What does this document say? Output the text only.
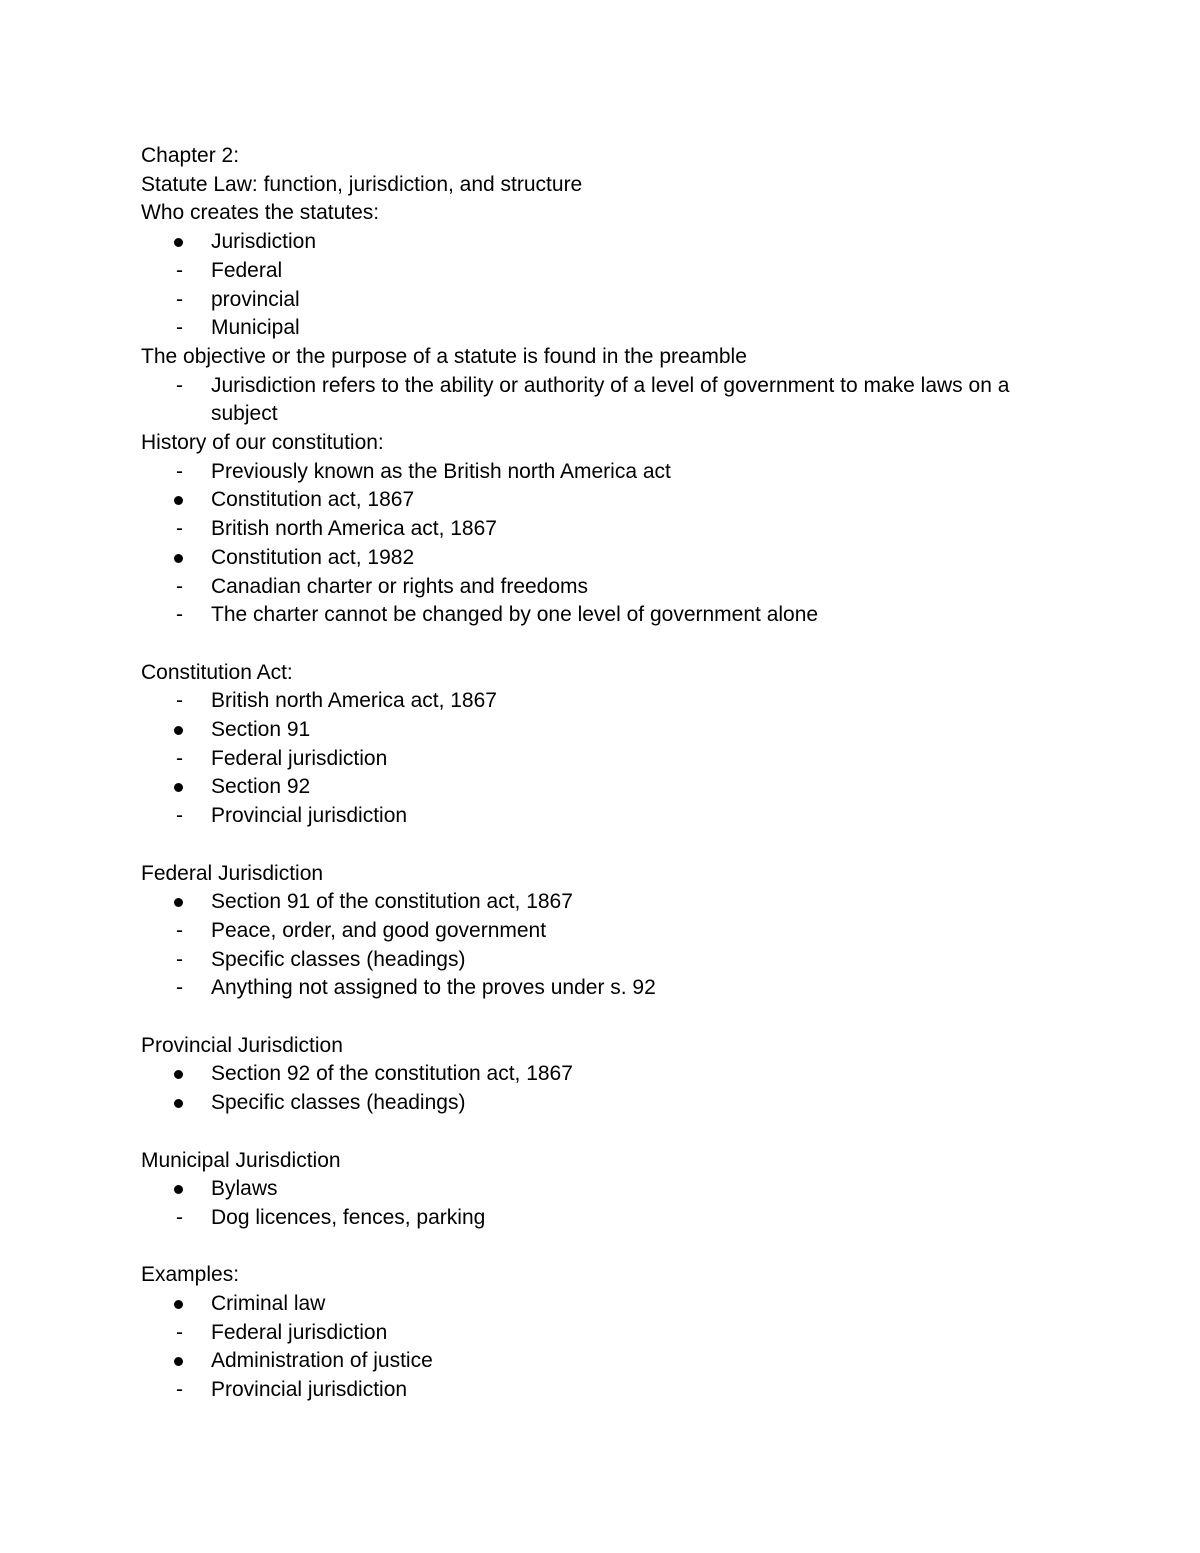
Chapter 2:
Statute Law: function, jurisdiction, and structure
Who creates the statutes:
Jurisdiction
Federal
provincial
Municipal
The objective or the purpose of a statute is found in the preamble
Jurisdiction refers to the ability or authority of a level of government to make laws on a subject
History of our constitution:
Previously known as the British north America act
Constitution act, 1867
British north America act, 1867
Constitution act, 1982
Canadian charter or rights and freedoms
The charter cannot be changed by one level of government alone
Constitution Act:
British north America act, 1867
Section 91
Federal jurisdiction
Section 92
Provincial jurisdiction
Federal Jurisdiction
Section 91 of the constitution act, 1867
Peace, order, and good government
Specific classes (headings)
Anything not assigned to the proves under s. 92
Provincial Jurisdiction
Section 92 of the constitution act, 1867
Specific classes (headings)
Municipal Jurisdiction
Bylaws
Dog licences, fences, parking
Examples:
Criminal law
Federal jurisdiction
Administration of justice
Provincial jurisdiction
